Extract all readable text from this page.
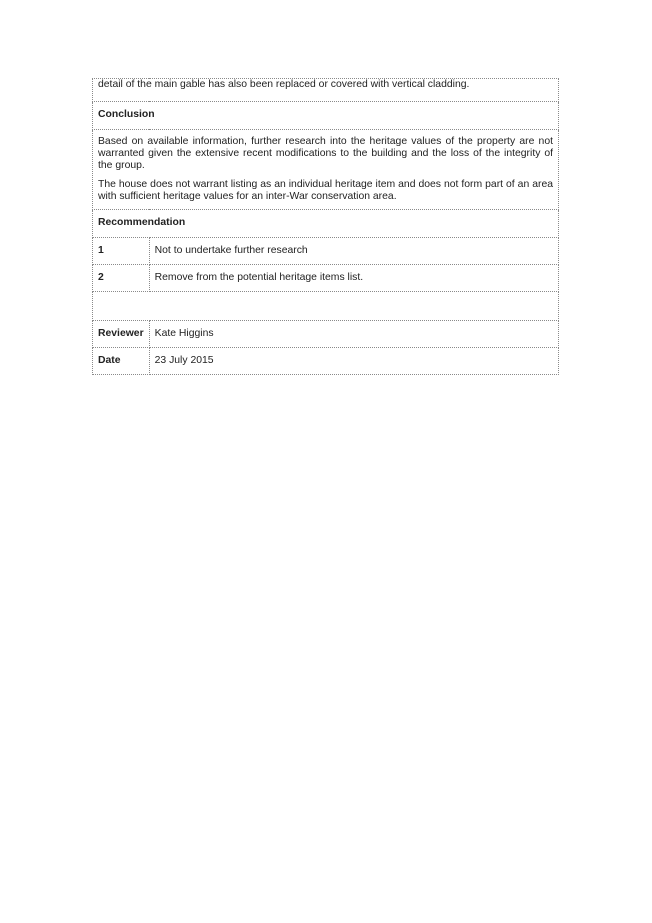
detail of the main gable has also been replaced or covered with vertical cladding.	
Conclusion	

Based on available information, further research into the heritage values of the property are not warranted given the extensive recent modifications to the building and the loss of the integrity of the group.

The house does not warrant listing as an individual heritage item and does not form part of an area with sufficient heritage values for an inter-War conservation area.	

Recommendation	
1	Not to undertake further research
2	Remove from the potential heritage items list.

Reviewer	Kate Higgins
Date	23 July 2015
